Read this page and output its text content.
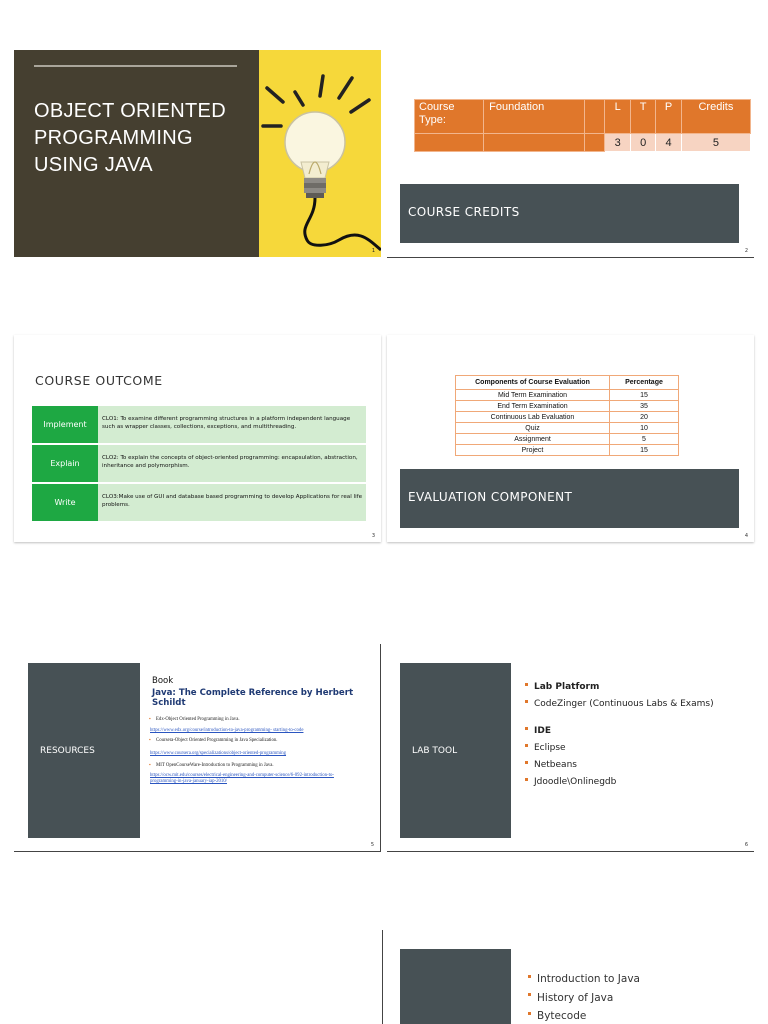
OBJECT ORIENTED PROGRAMMING USING JAVA
1
Course Type:	Foundation		L	T	P	Credits
			3	0	4	5
COURSE CREDITS
2
COURSE OUTCOME
Implement
CLO1: To examine different programming structures in a platform independent language such as wrapper classes, collections, exceptions, and multithreading.
Explain
CLO2: To explain the concepts of object-oriented programming: encapsulation, abstraction, inheritance and polymorphism.
Write
CLO3:Make use of GUI and database based programming to develop Applications for real life problems.
3
Components of Course Evaluation	Percentage
Mid Term Examination	15
End Term Examination	35
Continuous Lab Evaluation	20
Quiz	10
Assignment	5
Project	15
EVALUATION COMPONENT
4
RESOURCES
Book
Java: The Complete Reference by Herbert Schildt
▪ Edx-Object Oriented Programming in Java.
https://www.edx.org/course/introduction-to-java-programming- starting-to-code
▪ Coursera-Object Oriented Programming in Java Specialization.
https://www.coursera.org/specializations/object-oriented-programming
▪ MIT OpenCourseWare-Introduction to Programming in Java.
https://ocw.mit.edu/courses/electrical-engineering-and-computer-science/6-092-introduction-to-programming-in-java-january-iap-2010/
5
LAB TOOL
Lab Platform
CodeZinger (Continuous Labs & Exams)
IDE
Eclipse
Netbeans
Jdoodle\Onlinegdb
6
Introduction to Java
History of Java
Bytecode
